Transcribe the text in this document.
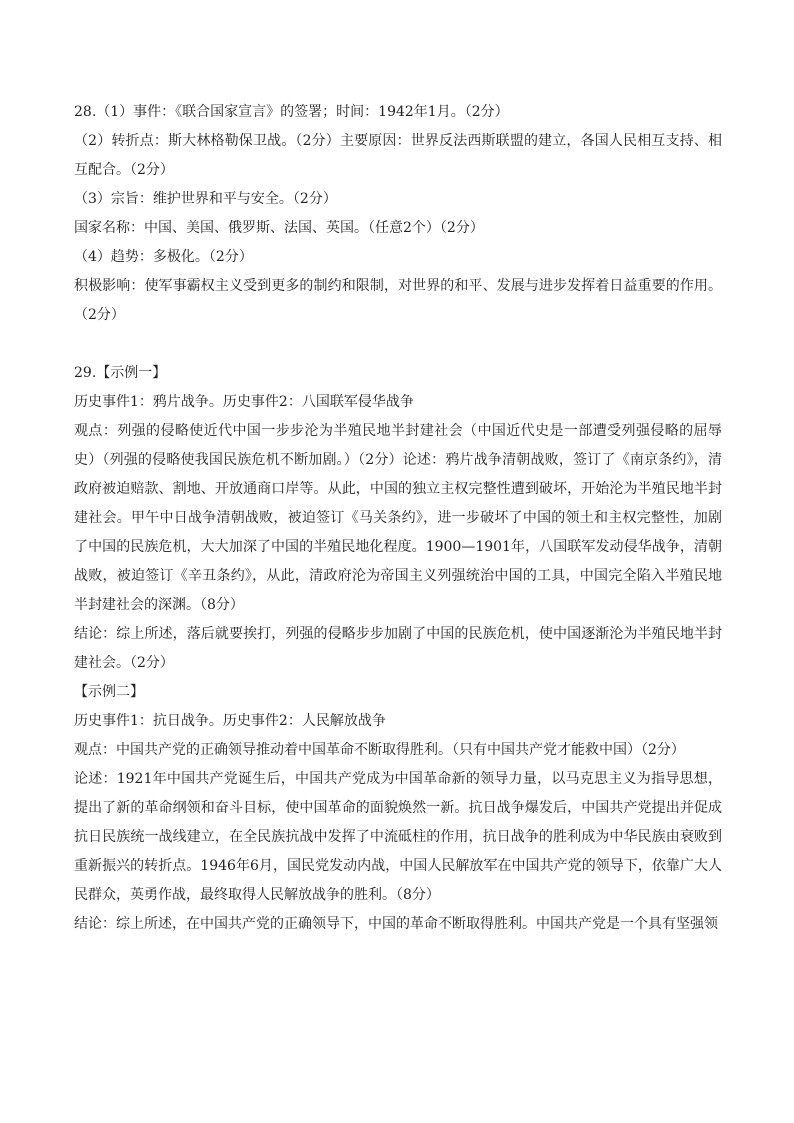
28.（1）事件：《联合国家宣言》的签署；时间：1942年1月。（2分）

（2）转折点：斯大林格勒保卫战。（2分）主要原因：世界反法西斯联盟的建立，各国人民相互支持、相互配合。（2分）

（3）宗旨：维护世界和平与安全。（2分）

国家名称：中国、美国、俄罗斯、法国、英国。（任意2个）（2分）

（4）趋势：多极化。（2分）

积极影响：使军事霸权主义受到更多的制约和限制，对世界的和平、发展与进步发挥着日益重要的作用。（2分）

29.【示例一】

历史事件1：鸦片战争。历史事件2：八国联军侵华战争

观点：列强的侵略使近代中国一步步沦为半殖民地半封建社会（中国近代史是一部遭受列强侵略的屈辱史）（列强的侵略使我国民族危机不断加剧。）（2分）论述：鸦片战争清朝战败，签订了《南京条约》，清政府被迫赔款、割地、开放通商口岸等。从此，中国的独立主权完整性遭到破坏，开始沦为半殖民地半封建社会。甲午中日战争清朝战败，被迫签订《马关条约》，进一步破坏了中国的领土和主权完整性，加剧了中国的民族危机，大大加深了中国的半殖民地化程度。1900—1901年，八国联军发动侵华战争，清朝战败，被迫签订《辛丑条约》，从此，清政府沦为帝国主义列强统治中国的工具，中国完全陷入半殖民地半封建社会的深渊。（8分）

结论：综上所述，落后就要挨打，列强的侵略步步加剧了中国的民族危机，使中国逐渐沦为半殖民地半封建社会。（2分）

【示例二】

历史事件1：抗日战争。历史事件2：人民解放战争

观点：中国共产党的正确领导推动着中国革命不断取得胜利。（只有中国共产党才能救中国）（2分）

论述：1921年中国共产党诞生后，中国共产党成为中国革命新的领导力量，以马克思主义为指导思想，提出了新的革命纲领和奋斗目标，使中国革命的面貌焕然一新。抗日战争爆发后，中国共产党提出并促成抗日民族统一战线建立，在全民族抗战中发挥了中流砥柱的作用，抗日战争的胜利成为中华民族由衰败到重新振兴的转折点。1946年6月，国民党发动内战，中国人民解放军在中国共产党的领导下，依靠广大人民群众，英勇作战，最终取得人民解放战争的胜利。（8分）

结论：综上所述，在中国共产党的正确领导下，中国的革命不断取得胜利。中国共产党是一个具有坚强领
